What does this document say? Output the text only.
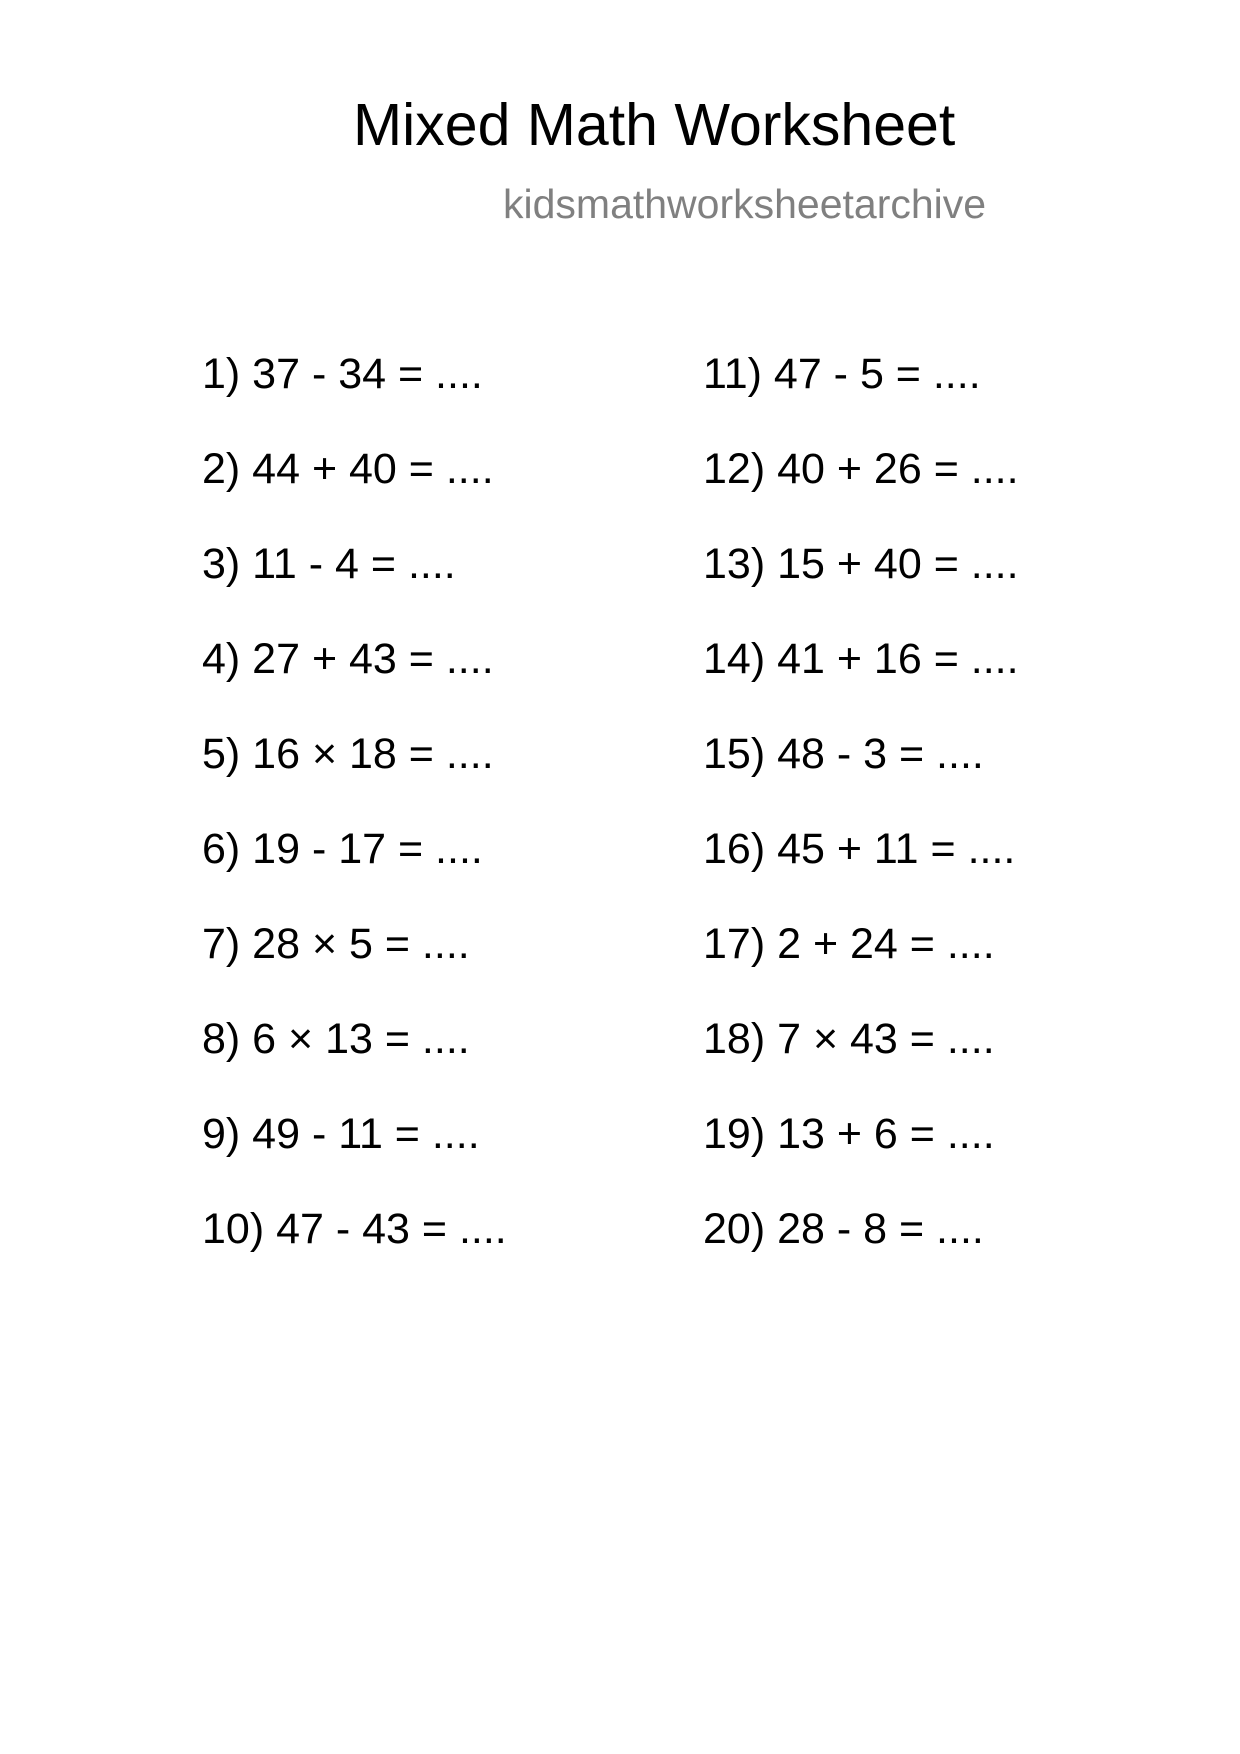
Mixed Math Worksheet
kidsmathworksheetarchive
1) 37 - 34 = ....
2) 44 + 40 = ....
3) 11 - 4 = ....
4) 27 + 43 = ....
5) 16 × 18 = ....
6) 19 - 17 = ....
7) 28 × 5 = ....
8) 6 × 13 = ....
9) 49 - 11 = ....
10) 47 - 43 = ....
11) 47 - 5 = ....
12) 40 + 26 = ....
13) 15 + 40 = ....
14) 41 + 16 = ....
15) 48 - 3 = ....
16) 45 + 11 = ....
17) 2 + 24 = ....
18) 7 × 43 = ....
19) 13 + 6 = ....
20) 28 - 8 = ....
